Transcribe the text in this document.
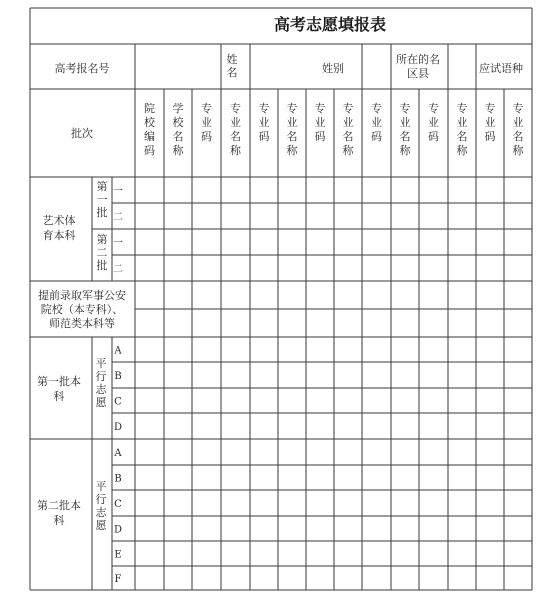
高考志愿填报表
高考报名号
姓名	姓别
所在的名区县	应试语种
批次
院校编码
学校名称
专业码
专业名称
专业码
专业名称
专业码
专业名称
专业码
专业名称
专业码
专业名称
专业码
专业名称
艺术体育本科
第一批
第二批
一
二
一
二
提前录取军事公安院校（本专科）、师范类本科等
第一批本科
平行志愿
A
B
C
D
第二批本科
平行志愿
A
B
C
D
E
F
